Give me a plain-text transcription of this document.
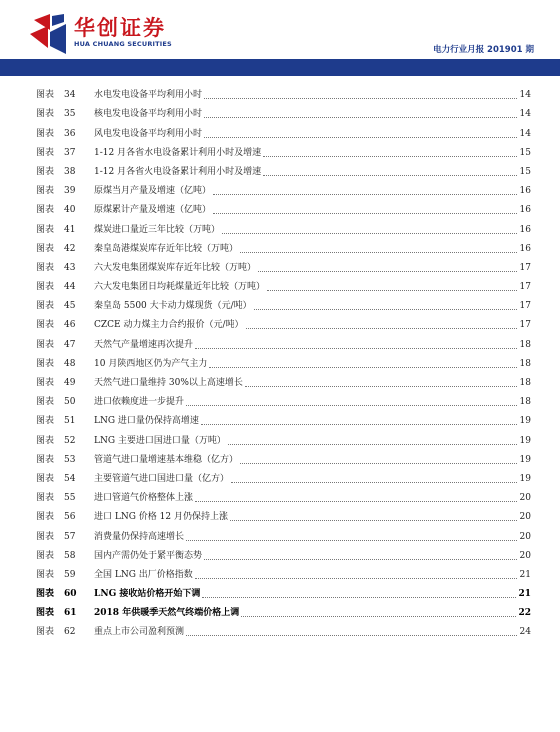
华创证券
HUA CHUANG SECURITIES
电力行业月报 201901 期
图表 34 水电发电设备平均利用小时	14
图表 35 核电发电设备平均利用小时	14
图表 36 风电发电设备平均利用小时	14
图表 37 1-12 月各省水电设备累计利用小时及增速	15
图表 38 1-12 月各省火电设备累计利用小时及增速	15
图表 39 原煤当月产量及增速（亿吨）	16
图表 40 原煤累计产量及增速（亿吨）	16
图表 41 煤炭进口量近三年比较（万吨）	16
图表 42 秦皇岛港煤炭库存近年比较（万吨）	16
图表 43 六大发电集团煤炭库存近年比较（万吨）	17
图表 44 六大发电集团日均耗煤量近年比较（万吨）	17
图表 45 秦皇岛 5500 大卡动力煤现货（元/吨）	17
图表 46 CZCE 动力煤主力合约报价（元/吨）	17
图表 47 天然气产量增速再次提升	18
图表 48 10 月陕西地区仍为产气主力	18
图表 49 天然气进口量维持 30%以上高速增长	18
图表 50 进口依赖度进一步提升	18
图表 51 LNG 进口量仍保持高增速	19
图表 52 LNG 主要进口国进口量（万吨）	19
图表 53 管道气进口量增速基本维稳（亿方）	19
图表 54 主要管道气进口国进口量（亿方）	19
图表 55 进口管道气价格整体上涨	20
图表 56 进口 LNG 价格 12 月仍保持上涨	20
图表 57 消费量仍保持高速增长	20
图表 58 国内产需仍处于紧平衡态势	20
图表 59 全国 LNG 出厂价格指数	21
图表 60 LNG 接收站价格开始下调	21
图表 61 2018 年供暖季天然气终端价格上调	22
图表 62 重点上市公司盈利预测	24
